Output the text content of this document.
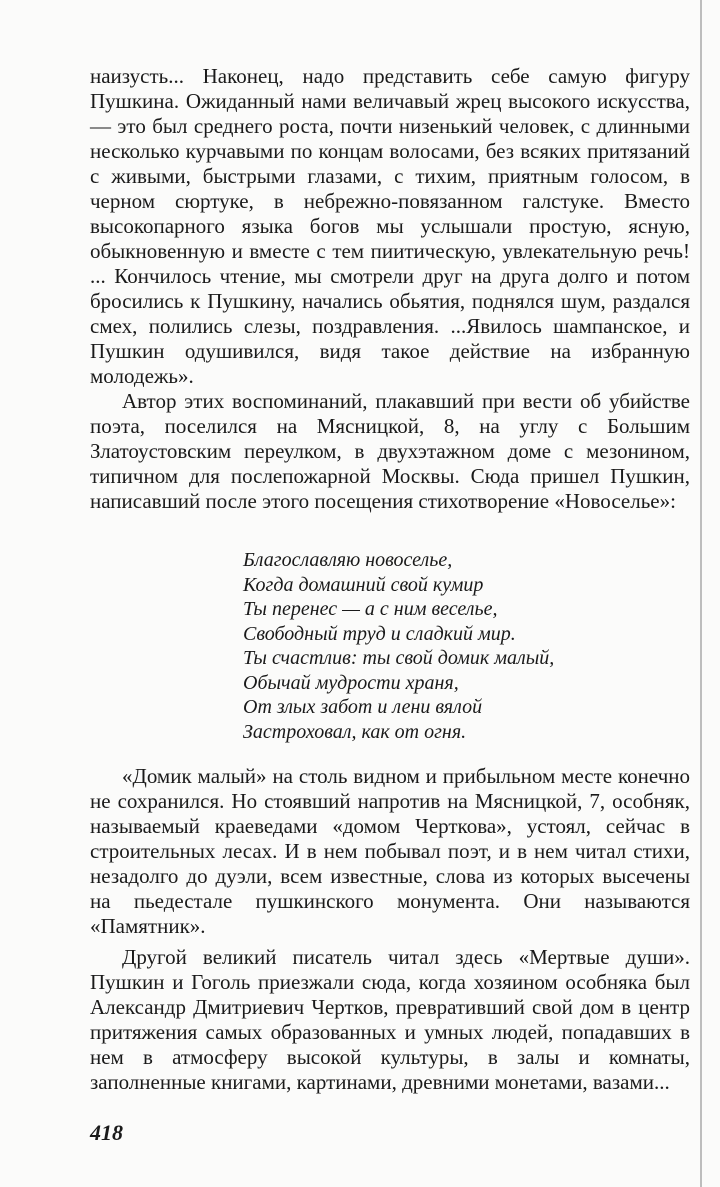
наизусть... Наконец, надо представить себе самую фигуру Пушкина. Ожиданный нами величавый жрец высокого искусства, — это был среднего роста, почти низенький человек, с длинными несколько курчавыми по концам волосами, без всяких притязаний с живыми, быстрыми глазами, с тихим, приятным голосом, в черном сюртуке, в небрежно-повязанном галстуке. Вместо высокопарного языка богов мы услышали простую, ясную, обыкновенную и вместе с тем пиитическую, увлекательную речь! ... Кончилось чтение, мы смотрели друг на друга долго и потом бросились к Пушкину, начались обьятия, поднялся шум, раздался смех, полились слезы, поздравления. ...Явилось шампанское, и Пушкин одушивился, видя такое действие на избранную молодежь».

Автор этих воспоминаний, плакавший при вести об убийстве поэта, поселился на Мясницкой, 8, на углу с Большим Златоустовским переулком, в двухэтажном доме с мезонином, типичном для послепожарной Москвы. Сюда пришел Пушкин, написавший после этого посещения стихотворение «Новоселье»:

Благославляю новоселье,
Когда домашний свой кумир
Ты перенес — а с ним веселье,
Свободный труд и сладкий мир.
Ты счастлив: ты свой домик малый,
Обычай мудрости храня,
От злых забот и лени вялой
Застроховал, как от огня.

«Домик малый» на столь видном и прибыльном месте конечно не сохранился. Но стоявший напротив на Мясницкой, 7, особняк, называемый краеведами «домом Черткова», устоял, сейчас в строительных лесах. И в нем побывал поэт, и в нем читал стихи, незадолго до дуэли, всем известные, слова из которых высечены на пьедестале пушкинского монумента. Они называются «Памятник».

Другой великий писатель читал здесь «Мертвые души». Пушкин и Гоголь приезжали сюда, когда хозяином особняка был Александр Дмитриевич Чертков, превративший свой дом в центр притяжения самых образованных и умных людей, попадавших в нем в атмосферу высокой культуры, в залы и комнаты, заполненные книгами, картинами, древними монетами, вазами...

418
